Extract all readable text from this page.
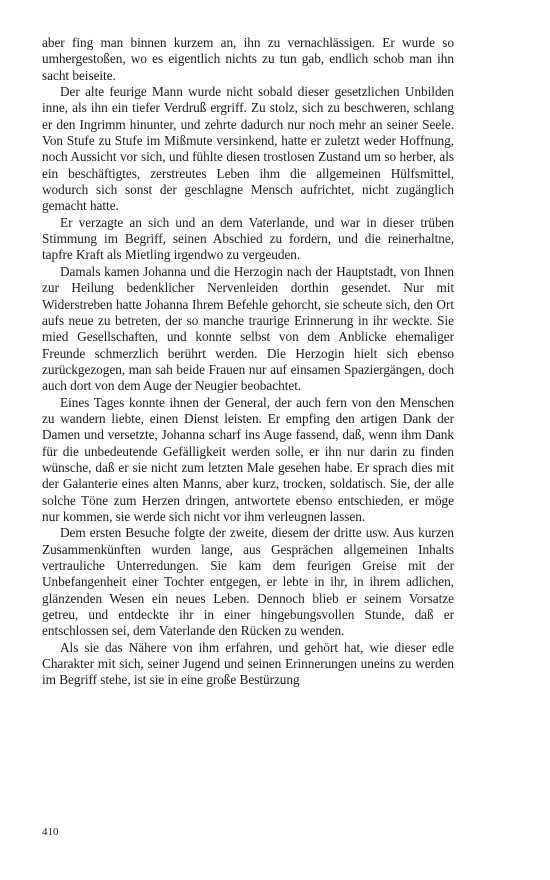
aber fing man binnen kurzem an, ihn zu vernachlässigen. Er wurde so umhergestoßen, wo es eigentlich nichts zu tun gab, endlich schob man ihn sacht beiseite.

Der alte feurige Mann wurde nicht sobald dieser gesetzlichen Unbilden inne, als ihn ein tiefer Verdruß ergriff. Zu stolz, sich zu beschweren, schlang er den Ingrimm hinunter, und zehrte dadurch nur noch mehr an seiner Seele. Von Stufe zu Stufe im Mißmute versinkend, hatte er zuletzt weder Hoffnung, noch Aussicht vor sich, und fühlte diesen trostlosen Zustand um so herber, als ein beschäftigtes, zerstreutes Leben ihm die allgemeinen Hülfsmittel, wodurch sich sonst der geschlagne Mensch aufrichtet, nicht zugänglich gemacht hatte.

Er verzagte an sich und an dem Vaterlande, und war in dieser trüben Stimmung im Begriff, seinen Abschied zu fordern, und die reinerhaltne, tapfre Kraft als Mietling irgendwo zu vergeuden.

Damals kamen Johanna und die Herzogin nach der Hauptstadt, von Ihnen zur Heilung bedenklicher Nervenleiden dorthin gesendet. Nur mit Widerstreben hatte Johanna Ihrem Befehle gehorcht, sie scheute sich, den Ort aufs neue zu betreten, der so manche traurige Erinnerung in ihr weckte. Sie mied Gesellschaften, und konnte selbst von dem Anblicke ehemaliger Freunde schmerzlich berührt werden. Die Herzogin hielt sich ebenso zurückgezogen, man sah beide Frauen nur auf einsamen Spaziergängen, doch auch dort von dem Auge der Neugier beobachtet.

Eines Tages konnte ihnen der General, der auch fern von den Menschen zu wandern liebte, einen Dienst leisten. Er empfing den artigen Dank der Damen und versetzte, Johanna scharf ins Auge fassend, daß, wenn ihm Dank für die unbedeutende Gefälligkeit werden solle, er ihn nur darin zu finden wünsche, daß er sie nicht zum letzten Male gesehen habe. Er sprach dies mit der Galanterie eines alten Manns, aber kurz, trocken, soldatisch. Sie, der alle solche Töne zum Herzen dringen, antwortete ebenso entschieden, er möge nur kommen, sie werde sich nicht vor ihm verleugnen lassen.

Dem ersten Besuche folgte der zweite, diesem der dritte usw. Aus kurzen Zusammenkünften wurden lange, aus Gesprächen allgemeinen Inhalts vertrauliche Unterredungen. Sie kam dem feurigen Greise mit der Unbefangenheit einer Tochter entgegen, er lebte in ihr, in ihrem adlichen, glänzenden Wesen ein neues Leben. Dennoch blieb er seinem Vorsatze getreu, und entdeckte ihr in einer hingebungsvollen Stunde, daß er entschlossen sei, dem Vaterlande den Rücken zu wenden.

Als sie das Nähere von ihm erfahren, und gehört hat, wie dieser edle Charakter mit sich, seiner Jugend und seinen Erinnerungen uneins zu werden im Begriff stehe, ist sie in eine große Bestürzung

410
